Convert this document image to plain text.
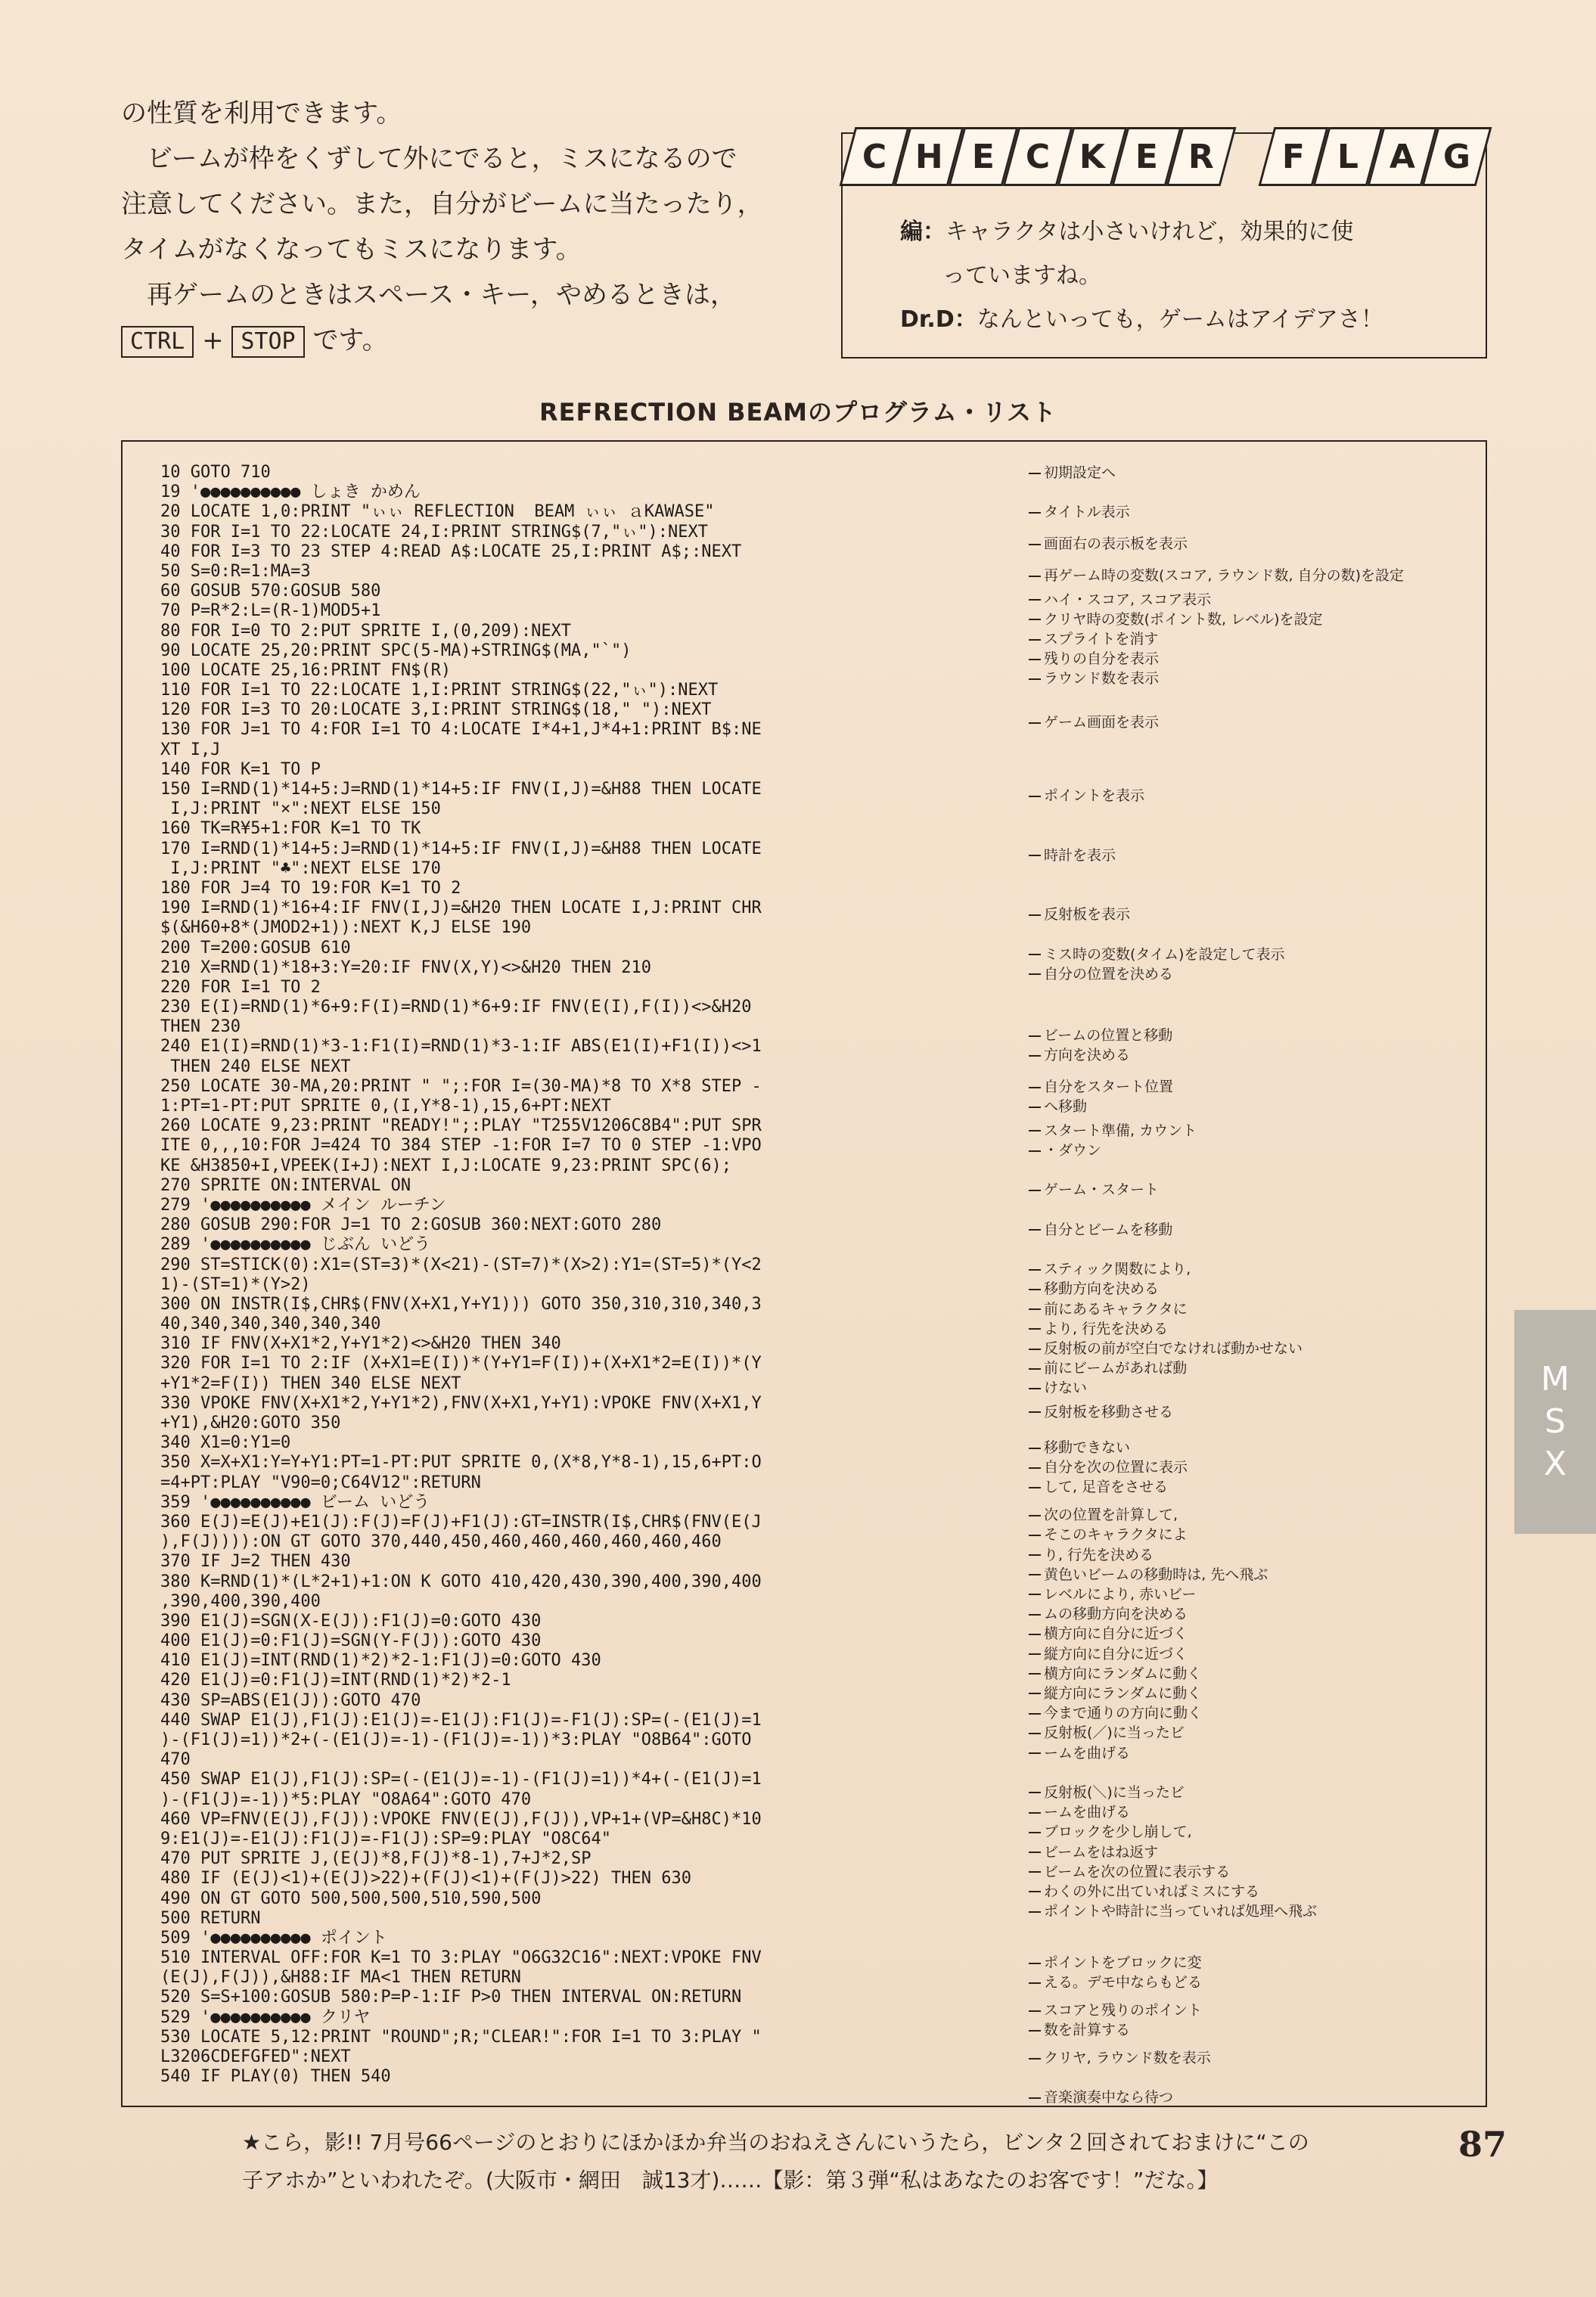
の性質を利用できます。

ビームが枠をくずして外にでると，ミスになるので

注意してください。また，自分がビームに当たったり，

タイムがなくなってもミスになります。

再ゲームのときはスペース・キー，やめるときは，

CTRL + STOP です。

C H E C K E R F L A G
編：キャラクタは小さいけれど，効果的に使
っていますね。
Dr.D：なんといっても，ゲームはアイデアさ！
REFRECTION BEAMのプログラム・リスト
10 GOTO 710
19 '●●●●●●●●●● しょき かめん
20 LOCATE 1,0:PRINT "ぃぃ REFLECTION  BEAM ぃぃ ａKAWASE"
30 FOR I=1 TO 22:LOCATE 24,I:PRINT STRING$(7,"ぃ"):NEXT
40 FOR I=3 TO 23 STEP 4:READ A$:LOCATE 25,I:PRINT A$;:NEXT
50 S=0:R=1:MA=3
60 GOSUB 570:GOSUB 580
70 P=R*2:L=(R-1)MOD5+1
80 FOR I=0 TO 2:PUT SPRITE I,(0,209):NEXT
90 LOCATE 25,20:PRINT SPC(5-MA)+STRING$(MA,"`")
100 LOCATE 25,16:PRINT FN$(R)
110 FOR I=1 TO 22:LOCATE 1,I:PRINT STRING$(22,"ぃ"):NEXT
120 FOR I=3 TO 20:LOCATE 3,I:PRINT STRING$(18," "):NEXT
130 FOR J=1 TO 4:FOR I=1 TO 4:LOCATE I*4+1,J*4+1:PRINT B$:NE
XT I,J
140 FOR K=1 TO P
150 I=RND(1)*14+5:J=RND(1)*14+5:IF FNV(I,J)=&H88 THEN LOCATE
I,J:PRINT "×":NEXT ELSE 150
160 TK=R¥5+1:FOR K=1 TO TK
170 I=RND(1)*14+5:J=RND(1)*14+5:IF FNV(I,J)=&H88 THEN LOCATE
I,J:PRINT "♣":NEXT ELSE 170
180 FOR J=4 TO 19:FOR K=1 TO 2
190 I=RND(1)*16+4:IF FNV(I,J)=&H20 THEN LOCATE I,J:PRINT CHR
$(&H60+8*(JMOD2+1)):NEXT K,J ELSE 190
200 T=200:GOSUB 610
210 X=RND(1)*18+3:Y=20:IF FNV(X,Y)<>&H20 THEN 210
220 FOR I=1 TO 2
230 E(I)=RND(1)*6+9:F(I)=RND(1)*6+9:IF FNV(E(I),F(I))<>&H20
THEN 230
240 E1(I)=RND(1)*3-1:F1(I)=RND(1)*3-1:IF ABS(E1(I)+F1(I))<>1
THEN 240 ELSE NEXT
250 LOCATE 30-MA,20:PRINT " ";:FOR I=(30-MA)*8 TO X*8 STEP -
1:PT=1-PT:PUT SPRITE 0,(I,Y*8-1),15,6+PT:NEXT
260 LOCATE 9,23:PRINT "READY!";:PLAY "T255V1206C8B4":PUT SPR
ITE 0,,,10:FOR J=424 TO 384 STEP -1:FOR I=7 TO 0 STEP -1:VPO
KE &H3850+I,VPEEK(I+J):NEXT I,J:LOCATE 9,23:PRINT SPC(6);
270 SPRITE ON:INTERVAL ON
279 '●●●●●●●●●● メイン ルーチン
280 GOSUB 290:FOR J=1 TO 2:GOSUB 360:NEXT:GOTO 280
289 '●●●●●●●●●● じぶん いどう
290 ST=STICK(0):X1=(ST=3)*(X<21)-(ST=7)*(X>2):Y1=(ST=5)*(Y<2
1)-(ST=1)*(Y>2)
300 ON INSTR(I$,CHR$(FNV(X+X1,Y+Y1))) GOTO 350,310,310,340,3
40,340,340,340,340,340
310 IF FNV(X+X1*2,Y+Y1*2)<>&H20 THEN 340
320 FOR I=1 TO 2:IF (X+X1=E(I))*(Y+Y1=F(I))+(X+X1*2=E(I))*(Y
+Y1*2=F(I)) THEN 340 ELSE NEXT
330 VPOKE FNV(X+X1*2,Y+Y1*2),FNV(X+X1,Y+Y1):VPOKE FNV(X+X1,Y
+Y1),&H20:GOTO 350
340 X1=0:Y1=0
350 X=X+X1:Y=Y+Y1:PT=1-PT:PUT SPRITE 0,(X*8,Y*8-1),15,6+PT:O
=4+PT:PLAY "V90=0;C64V12":RETURN
359 '●●●●●●●●●● ビーム いどう
360 E(J)=E(J)+E1(J):F(J)=F(J)+F1(J):GT=INSTR(I$,CHR$(FNV(E(J
),F(J)))):ON GT GOTO 370,440,450,460,460,460,460,460,460
370 IF J=2 THEN 430
380 K=RND(1)*(L*2+1)+1:ON K GOTO 410,420,430,390,400,390,400
,390,400,390,400
390 E1(J)=SGN(X-E(J)):F1(J)=0:GOTO 430
400 E1(J)=0:F1(J)=SGN(Y-F(J)):GOTO 430
410 E1(J)=INT(RND(1)*2)*2-1:F1(J)=0:GOTO 430
420 E1(J)=0:F1(J)=INT(RND(1)*2)*2-1
430 SP=ABS(E1(J)):GOTO 470
440 SWAP E1(J),F1(J):E1(J)=-E1(J):F1(J)=-F1(J):SP=(-(E1(J)=1
)-(F1(J)=1))*2+(-(E1(J)=-1)-(F1(J)=-1))*3:PLAY "O8B64":GOTO
470
450 SWAP E1(J),F1(J):SP=(-(E1(J)=-1)-(F1(J)=1))*4+(-(E1(J)=1
)-(F1(J)=-1))*5:PLAY "O8A64":GOTO 470
460 VP=FNV(E(J),F(J)):VPOKE FNV(E(J),F(J)),VP+1+(VP=&H8C)*10
9:E1(J)=-E1(J):F1(J)=-F1(J):SP=9:PLAY "O8C64"
470 PUT SPRITE J,(E(J)*8,F(J)*8-1),7+J*2,SP
480 IF (E(J)<1)+(E(J)>22)+(F(J)<1)+(F(J)>22) THEN 630
490 ON GT GOTO 500,500,500,510,590,500
500 RETURN
509 '●●●●●●●●●● ポイント
510 INTERVAL OFF:FOR K=1 TO 3:PLAY "O6G32C16":NEXT:VPOKE FNV
(E(J),F(J)),&H88:IF MA<1 THEN RETURN
520 S=S+100:GOSUB 580:P=P-1:IF P>0 THEN INTERVAL ON:RETURN
529 '●●●●●●●●●● クリヤ
530 LOCATE 5,12:PRINT "ROUND";R;"CLEAR!":FOR I=1 TO 3:PLAY "
L3206CDEFGFED":NEXT
540 IF PLAY(0) THEN 540
初期設定へ
タイトル表示
画面右の表示板を表示
再ゲーム時の変数(スコア, ラウンド数, 自分の数)を設定
ハイ・スコア, スコア表示
クリヤ時の変数(ポイント数, レベル)を設定
スプライトを消す
残りの自分を表示
ラウンド数を表示
ゲーム画面を表示
ポイントを表示
時計を表示
反射板を表示
ミス時の変数(タイム)を設定して表示
自分の位置を決める
ビームの位置と移動
方向を決める
自分をスタート位置
へ移動
スタート準備, カウント
・ダウン
ゲーム・スタート
自分とビームを移動
スティック関数により,
移動方向を決める
前にあるキャラクタに
より, 行先を決める
反射板の前が空白でなければ動かせない
前にビームがあれば動
けない
反射板を移動させる
移動できない
自分を次の位置に表示
して, 足音をさせる
次の位置を計算して,
そこのキャラクタによ
り, 行先を決める
黄色いビームの移動時は, 先へ飛ぶ
レベルにより, 赤いビー
ムの移動方向を決める
横方向に自分に近づく
縦方向に自分に近づく
横方向にランダムに動く
縦方向にランダムに動く
今まで通りの方向に動く
反射板(／)に当ったビ
ームを曲げる
反射板(＼)に当ったビ
ームを曲げる
ブロックを少し崩して,
ビームをはね返す
ビームを次の位置に表示する
わくの外に出ていればミスにする
ポイントや時計に当っていれば処理へ飛ぶ
ポイントをブロックに変
える。デモ中ならもどる
スコアと残りのポイント
数を計算する
クリヤ, ラウンド数を表示
音楽演奏中なら待つ
★こら，影!! 7月号66ページのとおりにほかほか弁当のおねえさんにいうたら，ビンタ２回されておまけに“この
子アホか”といわれたぞ。(大阪市・網田　誠13才)……【影：第３弾“私はあなたのお客です！”だな。】
87
M
S
X
